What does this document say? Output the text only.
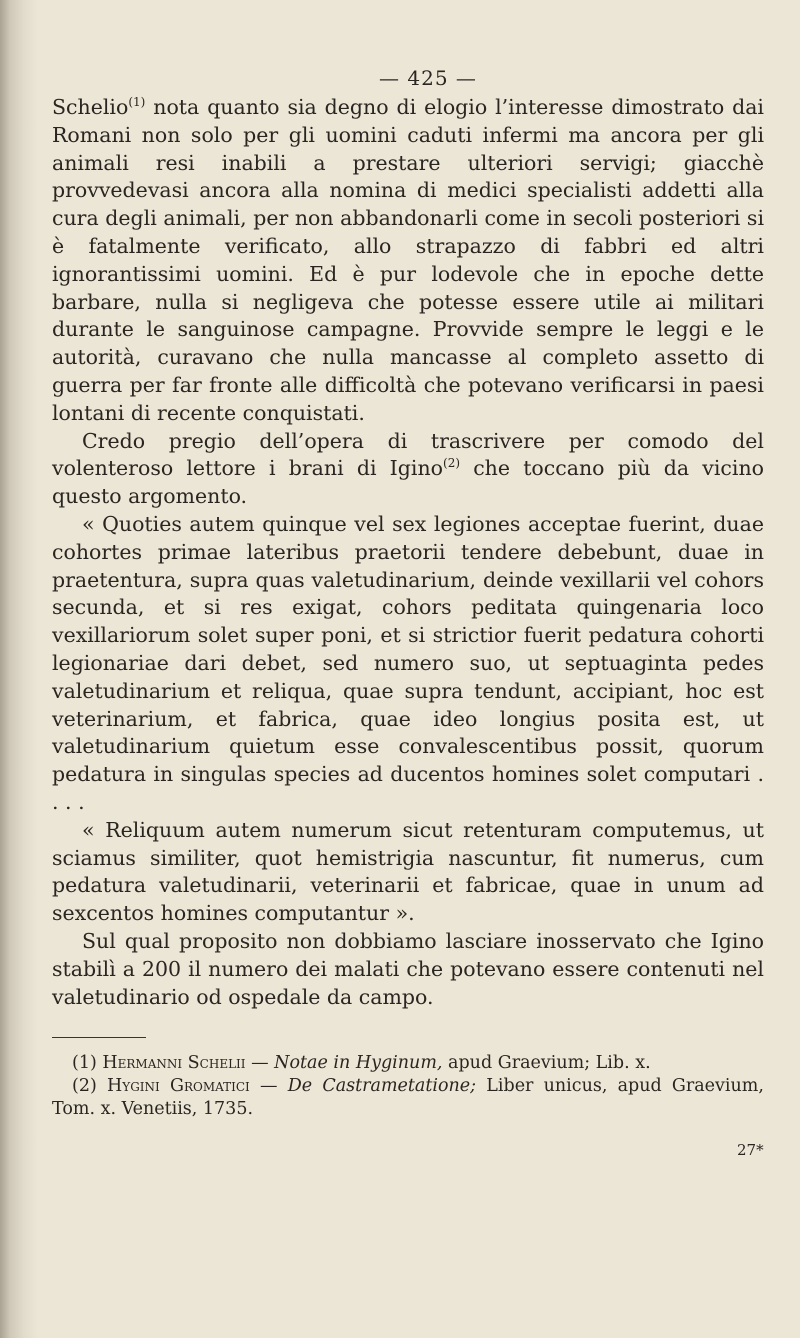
— 425 —

Schelio$^{(1)}$ nota quanto sia degno di elogio l’interesse dimostrato dai Romani non solo per gli uomini caduti infermi ma ancora per gli animali resi inabili a prestare ulteriori servigi; giacchè provvedevasi ancora alla nomina di medici specialisti addetti alla cura degli animali, per non abbandonarli come in secoli posteriori si è fatalmente verificato, allo strapazzo di fabbri ed altri ignorantissimi uomini. Ed è pur lodevole che in epoche dette barbare, nulla si negligeva che potesse essere utile ai militari durante le sanguinose campagne. Provvide sempre le leggi e le autorità, curavano che nulla mancasse al completo assetto di guerra per far fronte alle difficoltà che potevano verificarsi in paesi lontani di recente conquistati.

Credo pregio dell’opera di trascrivere per comodo del volenteroso lettore i brani di Igino$^{(2)}$ che toccano più da vicino questo argomento.

« Quoties autem quinque vel sex legiones acceptae fuerint, duae cohortes primae lateribus praetorii tendere debebunt, duae in praetentura, supra quas valetudinarium, deinde vexillarii vel cohors secunda, et si res exigat, cohors peditata quingenaria loco vexillariorum solet super poni, et si strictior fuerit pedatura cohorti legionariae dari debet, sed numero suo, ut septuaginta pedes valetudinarium et reliqua, quae supra tendunt, accipiant, hoc est veterinarium, et fabrica, quae ideo longius posita est, ut valetudinarium quietum esse convalescentibus possit, quorum pedatura in singulas species ad ducentos homines solet computari . . . .

« Reliquum autem numerum sicut retenturam computemus, ut sciamus similiter, quot hemistrigia nascuntur, fit numerus, cum pedatura valetudinarii, veterinarii et fabricae, quae in unum ad sexcentos homines computantur ».

Sul qual proposito non dobbiamo lasciare inosservato che Igino stabilì a 200 il numero dei malati che potevano essere contenuti nel valetudinario od ospedale da campo.

(1) Hermanni Schelii — Notae in Hyginum, apud Graevium; Lib. x.

(2) Hygini Gromatici — De Castrametatione; Liber unicus, apud Graevium, Tom. x. Venetiis, 1735.

27*
